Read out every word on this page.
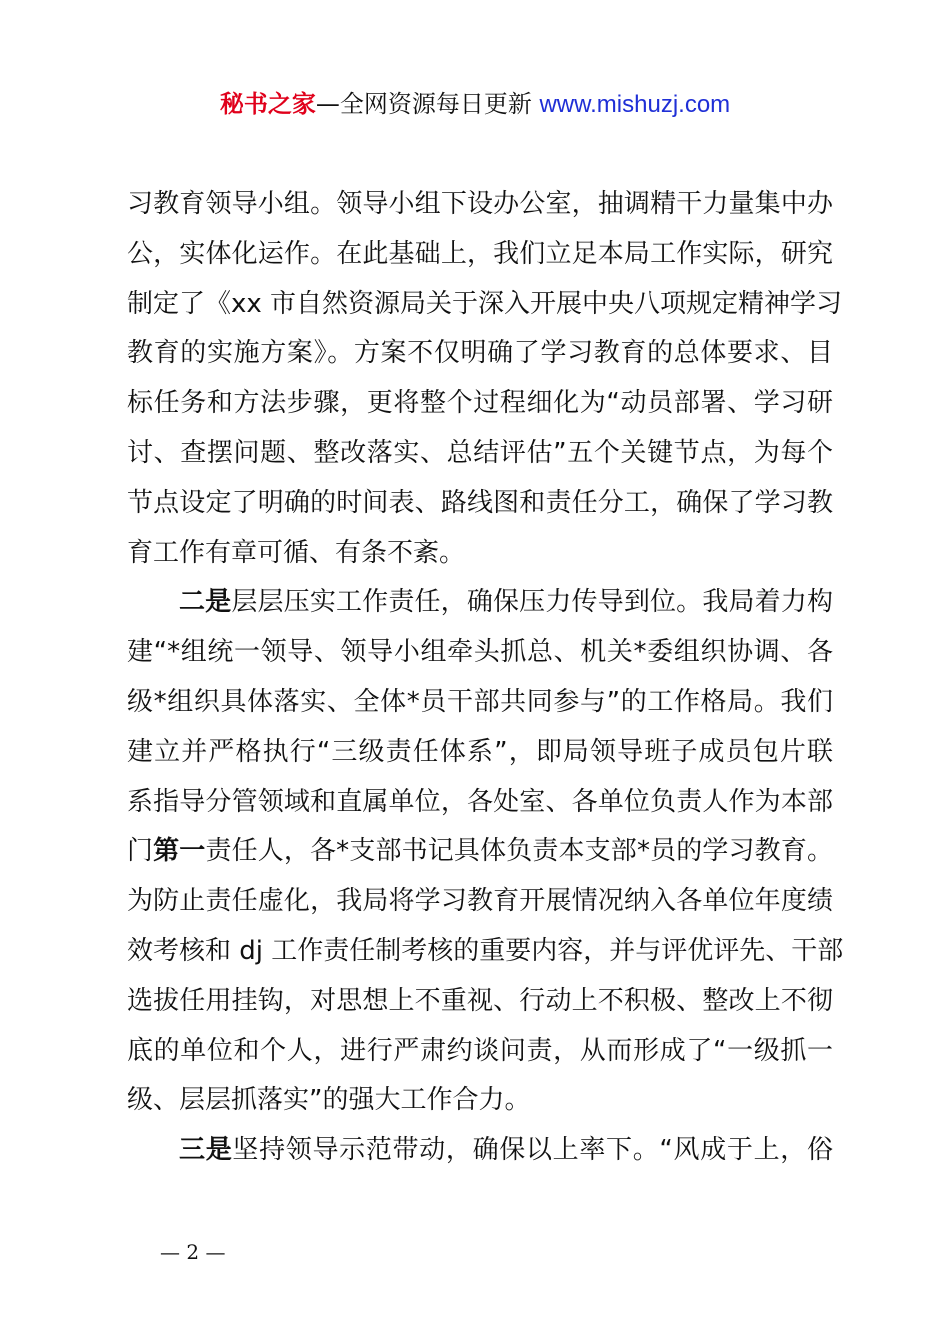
秘书之家—全网资源每日更新 www.mishuzj.com
习教育领导小组。领导小组下设办公室，抽调精干力量集中办
公，实体化运作。在此基础上，我们立足本局工作实际，研究
制定了《xx 市自然资源局关于深入开展中央八项规定精神学习
教育的实施方案》。方案不仅明确了学习教育的总体要求、目
标任务和方法步骤，更将整个过程细化为“动员部署、学习研
讨、查摆问题、整改落实、总结评估”五个关键节点，为每个
节点设定了明确的时间表、路线图和责任分工，确保了学习教
育工作有章可循、有条不紊。
二是层层压实工作责任，确保压力传导到位。我局着力构
建“*组统一领导、领导小组牵头抓总、机关*委组织协调、各
级*组织具体落实、全体*员干部共同参与”的工作格局。我们
建立并严格执行“三级责任体系”，即局领导班子成员包片联
系指导分管领域和直属单位，各处室、各单位负责人作为本部
门第一责任人，各*支部书记具体负责本支部*员的学习教育。
为防止责任虚化，我局将学习教育开展情况纳入各单位年度绩
效考核和 dj 工作责任制考核的重要内容，并与评优评先、干部
选拔任用挂钩，对思想上不重视、行动上不积极、整改上不彻
底的单位和个人，进行严肃约谈问责，从而形成了“一级抓一
级、层层抓落实”的强大工作合力。
三是坚持领导示范带动，确保以上率下。“风成于上，俗
— 2 —
